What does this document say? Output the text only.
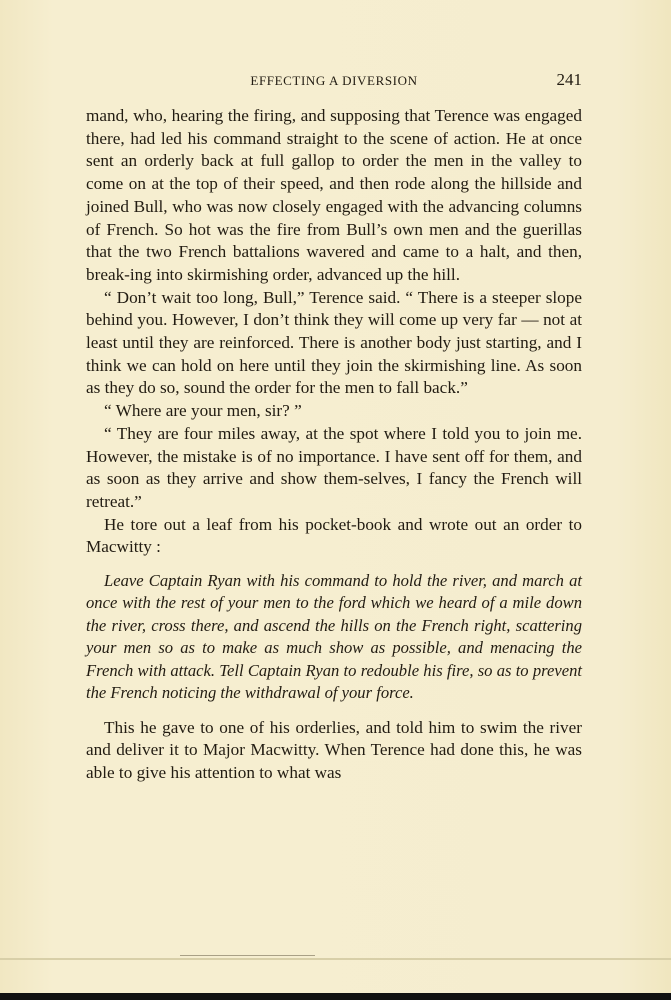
EFFECTING A DIVERSION	241

mand, who, hearing the firing, and supposing that Terence was engaged there, had led his command straight to the scene of action. He at once sent an orderly back at full gallop to order the men in the valley to come on at the top of their speed, and then rode along the hillside and joined Bull, who was now closely engaged with the advancing columns of French. So hot was the fire from Bull’s own men and the guerillas that the two French battalions wavered and came to a halt, and then, break-ing into skirmishing order, advanced up the hill.

“ Don’t wait too long, Bull,” Terence said. “ There is a steeper slope behind you. However, I don’t think they will come up very far — not at least until they are reinforced. There is another body just starting, and I think we can hold on here until they join the skirmishing line. As soon as they do so, sound the order for the men to fall back.”

“ Where are your men, sir? ”

“ They are four miles away, at the spot where I told you to join me. However, the mistake is of no importance. I have sent off for them, and as soon as they arrive and show them-selves, I fancy the French will retreat.”

He tore out a leaf from his pocket-book and wrote out an order to Macwitty :

Leave Captain Ryan with his command to hold the river, and march at once with the rest of your men to the ford which we heard of a mile down the river, cross there, and ascend the hills on the French right, scattering your men so as to make as much show as possible, and menacing the French with attack. Tell Captain Ryan to redouble his fire, so as to prevent the French noticing the withdrawal of your force.

This he gave to one of his orderlies, and told him to swim the river and deliver it to Major Macwitty. When Terence had done this, he was able to give his attention to what was
